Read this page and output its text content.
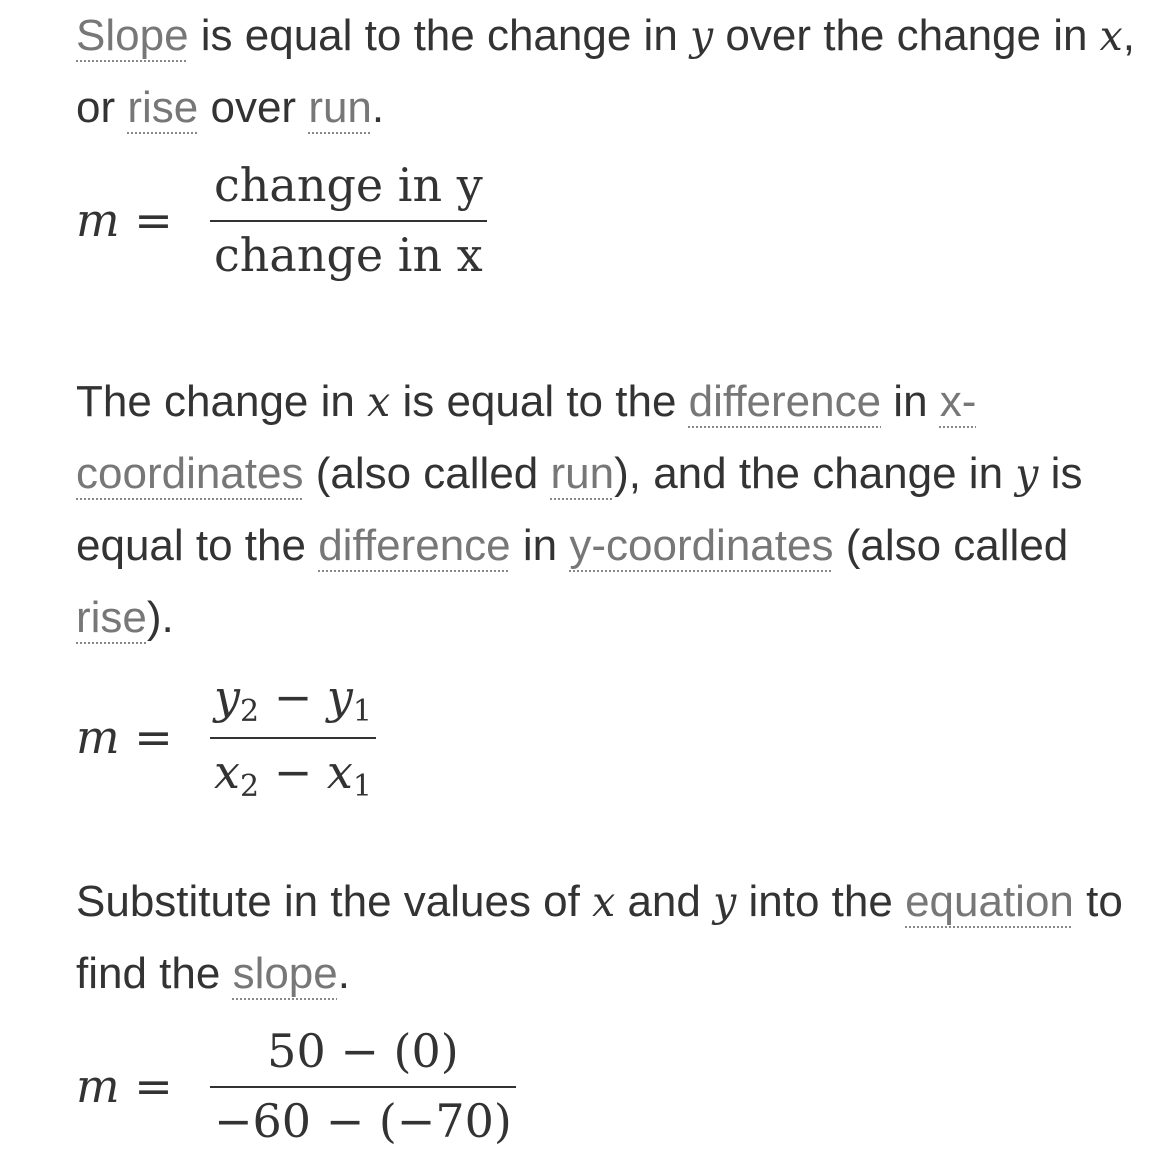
Slope is equal to the change in y over the change in x, or rise over run.

$m = \frac{\text{change in y}}{\text{change in x}}$

The change in x is equal to the difference in x-coordinates (also called run), and the change in y is equal to the difference in y-coordinates (also called rise).

$m = \frac{y_2 - y_1}{x_2 - x_1}$

Substitute in the values of x and y into the equation to find the slope.

$m = \frac{50 - (0)}{-60 - (-70)}$
